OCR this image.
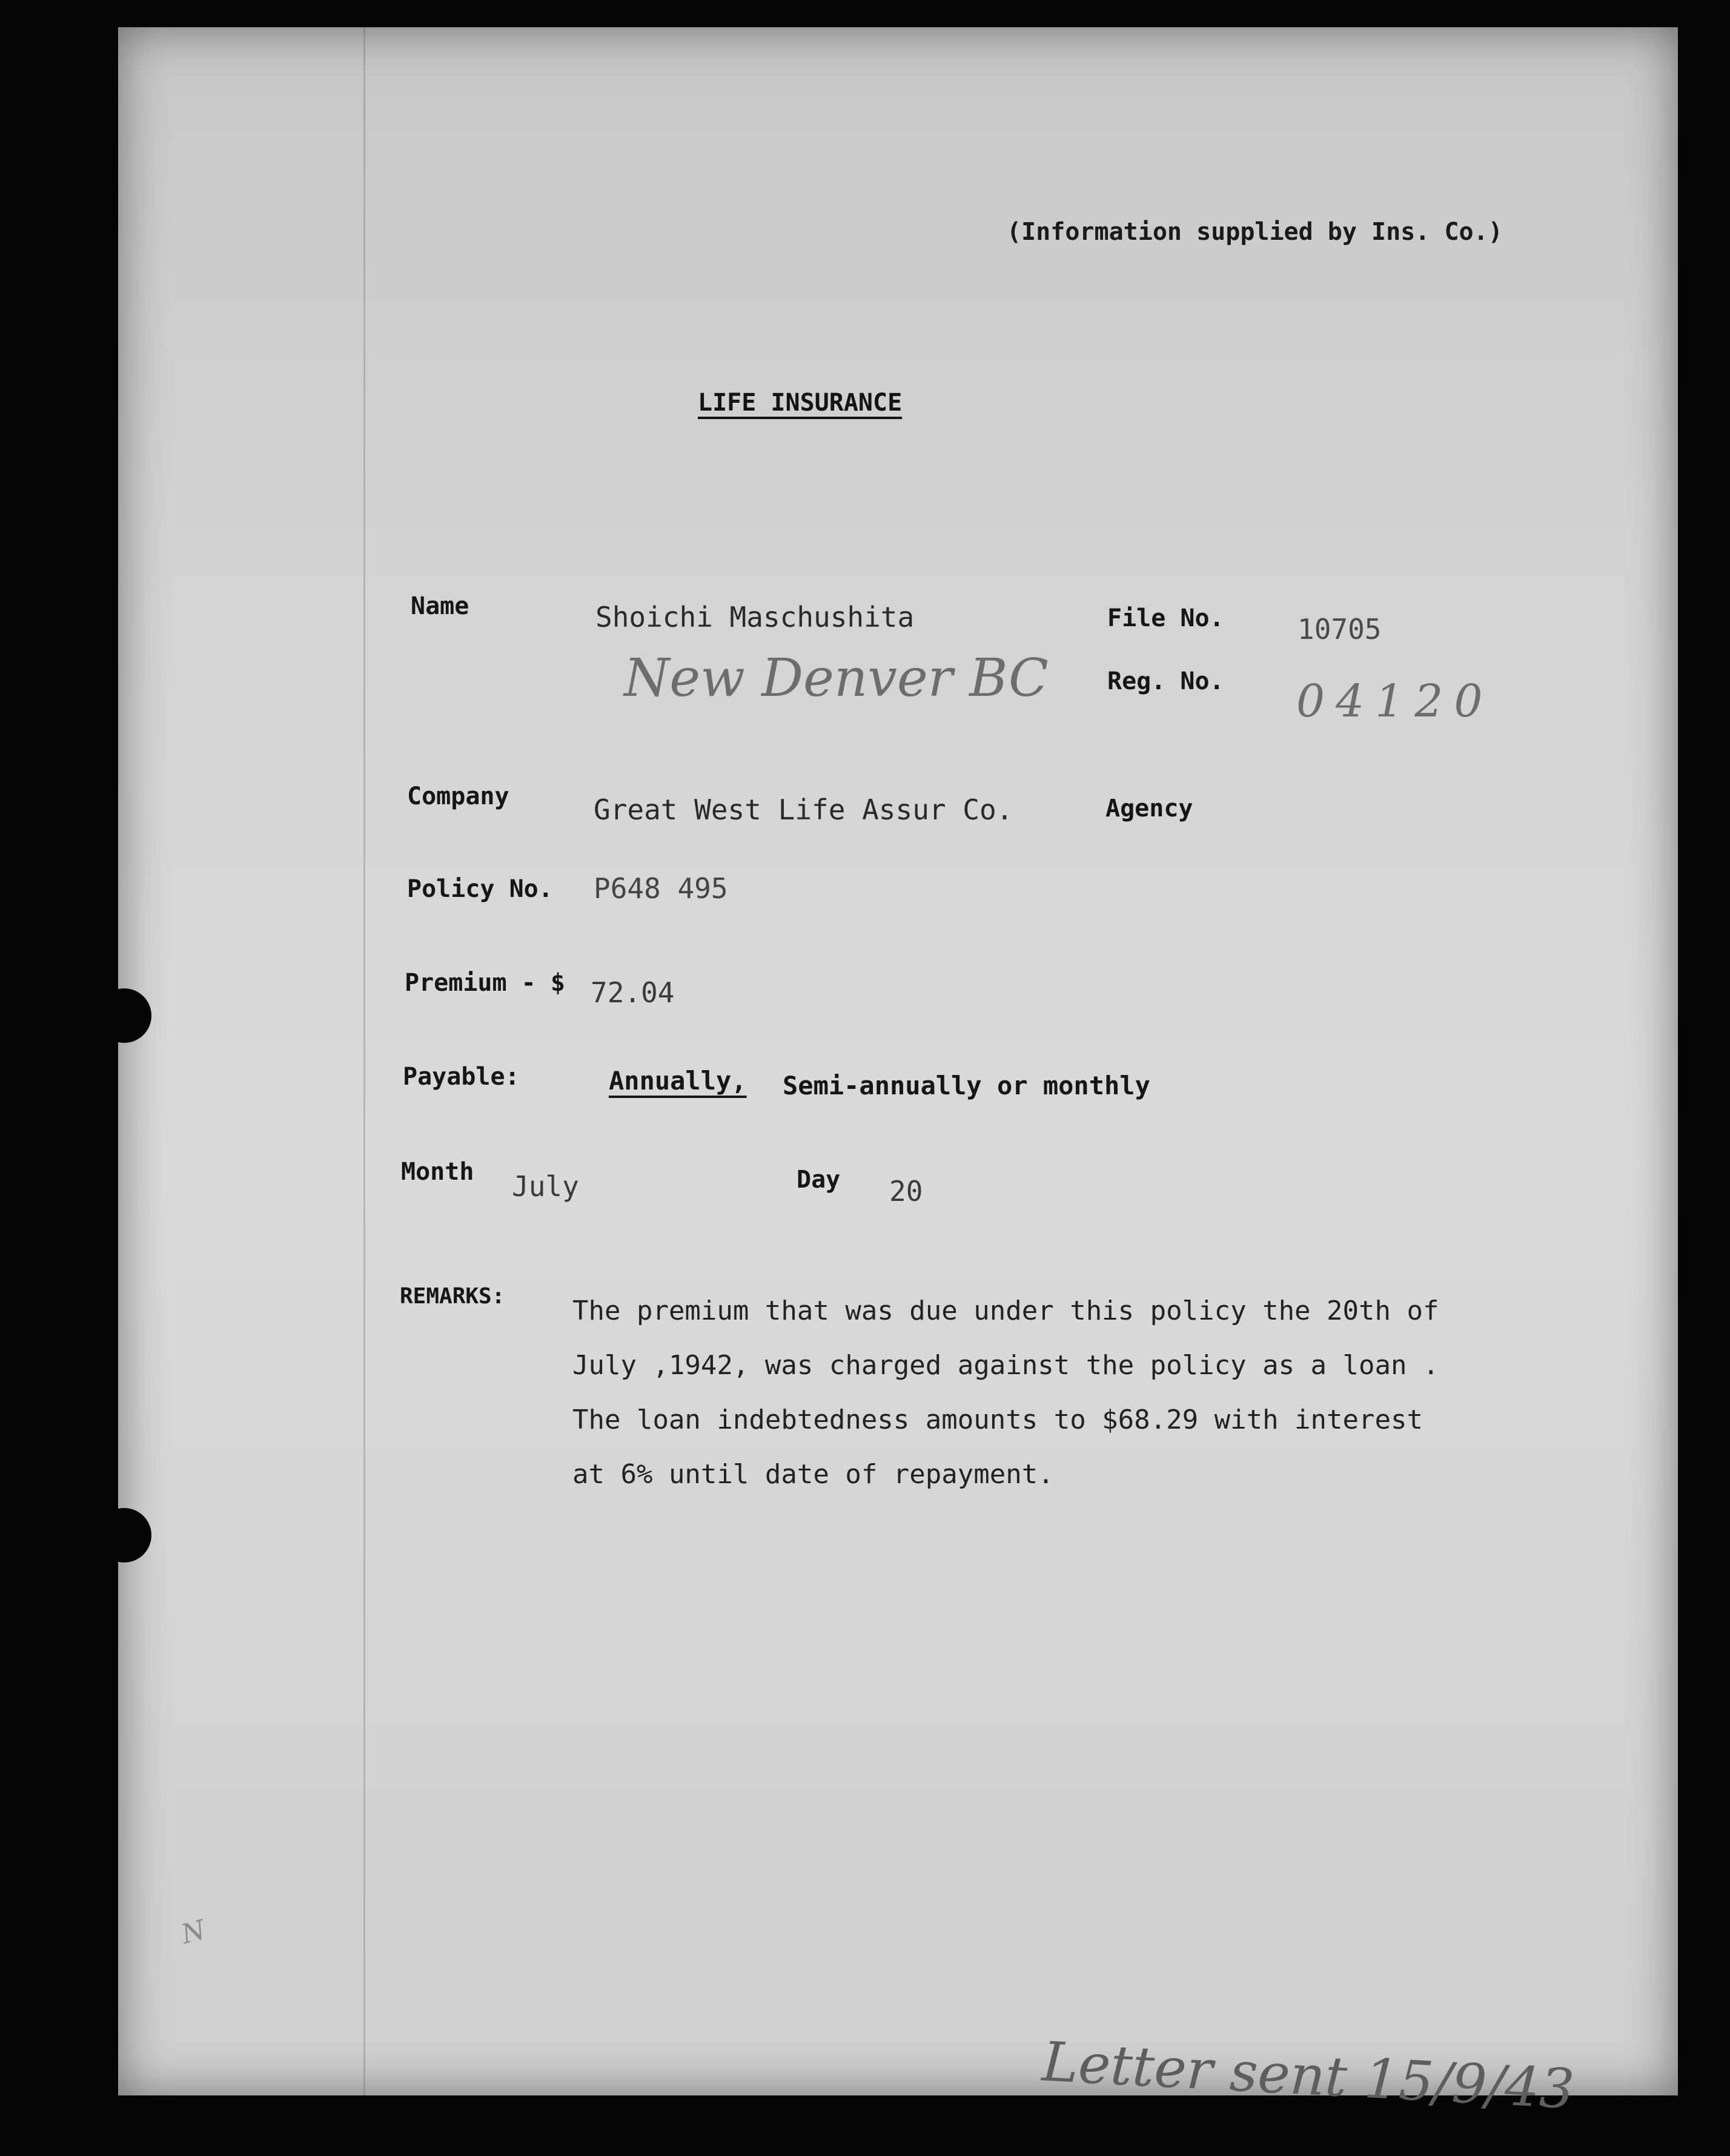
(Information supplied by Ins. Co.)
LIFE INSURANCE
Name	Shoichi Maschushita	File No.	10705
New Denver BC Reg. No. 04120
Company	Great West Life Assur Co.	Agency
Policy No. P648 495
Premium - $ 72.04
Payable:	Annually, Semi-annually or monthly
Month July	Day 20
REMARKS:	The premium that was due under this policy the 20th of
July ,1942, was charged against the policy as a loan .
The loan indebtedness amounts to $68.29 with interest
at 6% until date of repayment.
N
Letter sent 15/9/43
